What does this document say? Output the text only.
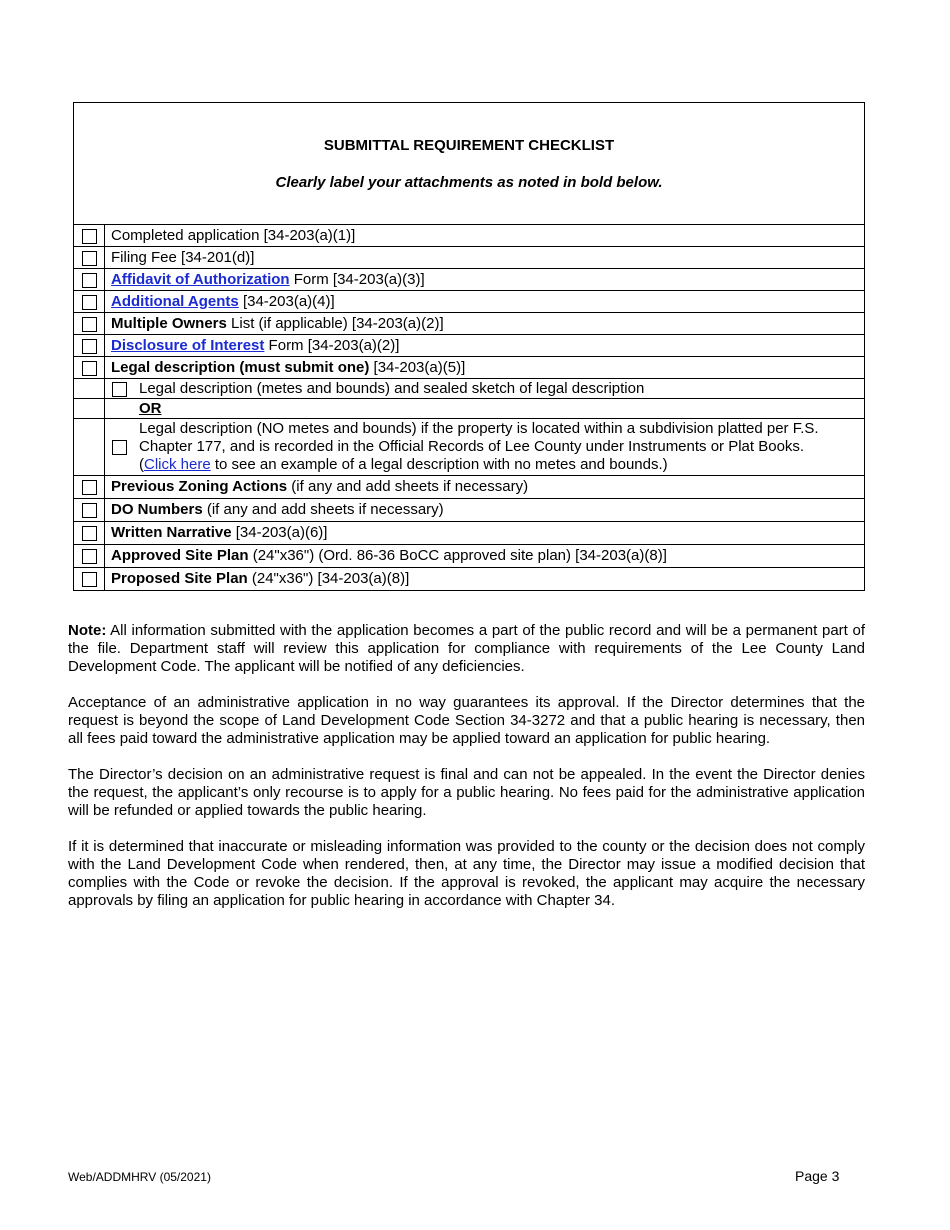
SUBMITTAL REQUIREMENT CHECKLIST
Clearly label your attachments as noted in bold below.
	Completed application [34-203(a)(1)]
	Filing Fee [34-201(d)]
	Affidavit of Authorization Form [34-203(a)(3)]
	Additional Agents [34-203(a)(4)]
	Multiple Owners List (if applicable) [34-203(a)(2)]
	Disclosure of Interest Form [34-203(a)(2)]
	Legal description (must submit one) [34-203(a)(5)]

	Legal description (metes and bounds) and sealed sketch of legal description

	OR

	Legal description (NO metes and bounds) if the property is located within a subdivision platted per F.S. Chapter 177, and is recorded in the Official Records of Lee County under Instruments or Plat Books.
(Click here to see an example of a legal description with no metes and bounds.)

	Previous Zoning Actions (if any and add sheets if necessary)
	DO Numbers (if any and add sheets if necessary)
	Written Narrative [34-203(a)(6)]
	Approved Site Plan (24"x36") (Ord. 86-36 BoCC approved site plan) [34-203(a)(8)]
	Proposed Site Plan (24"x36") [34-203(a)(8)]

Note: All information submitted with the application becomes a part of the public record and will be a permanent part of the file. Department staff will review this application for compliance with requirements of the Lee County Land Development Code. The applicant will be notified of any deficiencies.

Acceptance of an administrative application in no way guarantees its approval. If the Director determines that the request is beyond the scope of Land Development Code Section 34-3272 and that a public hearing is necessary, then all fees paid toward the administrative application may be applied toward an application for public hearing.

The Director’s decision on an administrative request is final and can not be appealed. In the event the Director denies the request, the applicant’s only recourse is to apply for a public hearing. No fees paid for the administrative application will be refunded or applied towards the public hearing.

If it is determined that inaccurate or misleading information was provided to the county or the decision does not comply with the Land Development Code when rendered, then, at any time, the Director may issue a modified decision that complies with the Code or revoke the decision. If the approval is revoked, the applicant may acquire the necessary approvals by filing an application for public hearing in accordance with Chapter 34.

Web/ADDMHRV (05/2021)	Page 3
